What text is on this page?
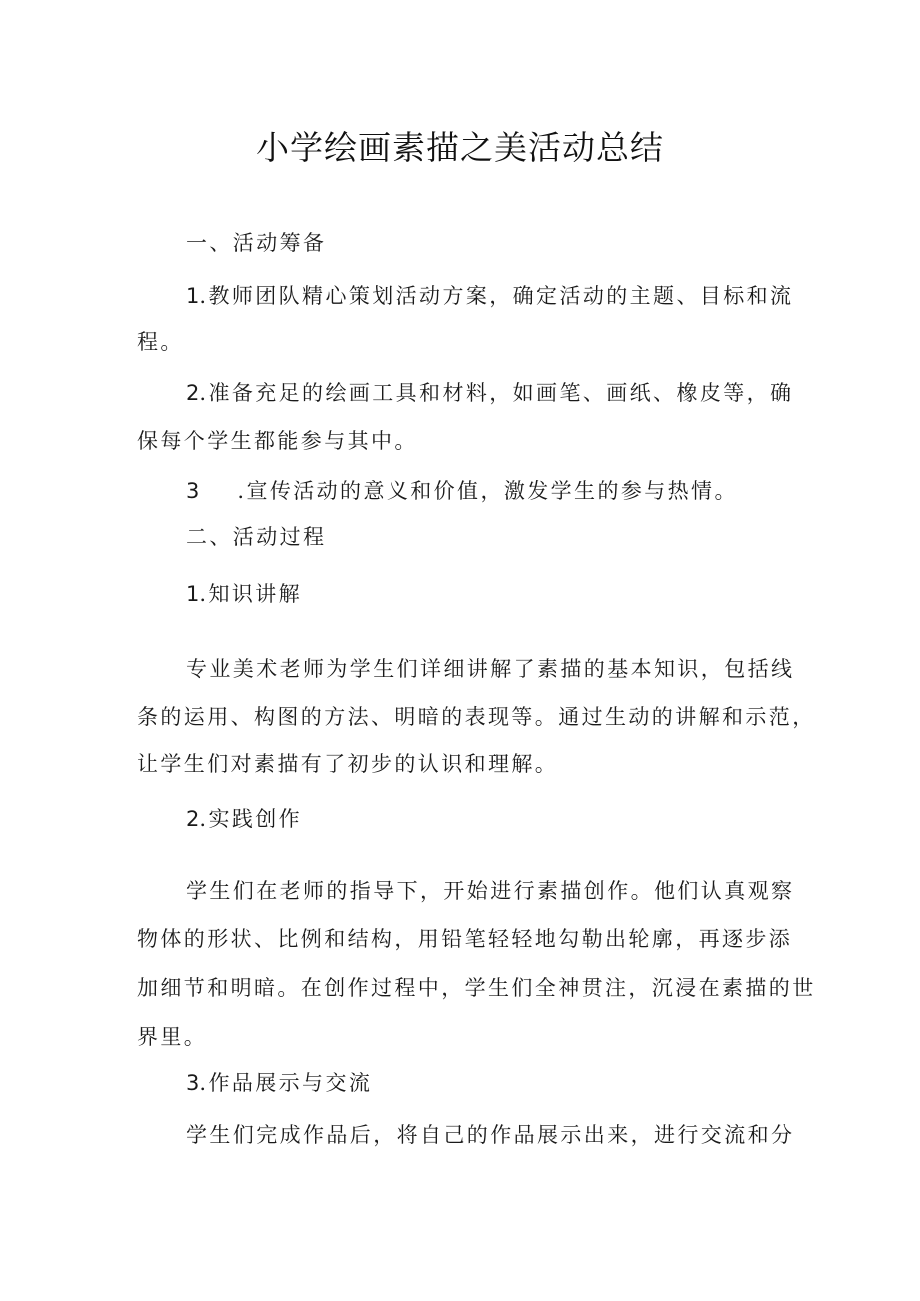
小学绘画素描之美活动总结
一、活动筹备
1.教师团队精心策划活动方案，确定活动的主题、目标和流
程。
2.准备充足的绘画工具和材料，如画笔、画纸、橡皮等，确
保每个学生都能参与其中。
3 .宣传活动的意义和价值，激发学生的参与热情。
二、活动过程
1.知识讲解
专业美术老师为学生们详细讲解了素描的基本知识，包括线
条的运用、构图的方法、明暗的表现等。通过生动的讲解和示范，
让学生们对素描有了初步的认识和理解。
2.实践创作
学生们在老师的指导下，开始进行素描创作。他们认真观察
物体的形状、比例和结构，用铅笔轻轻地勾勒出轮廓，再逐步添
加细节和明暗。在创作过程中，学生们全神贯注，沉浸在素描的世
界里。
3.作品展示与交流
学生们完成作品后，将自己的作品展示出来，进行交流和分
